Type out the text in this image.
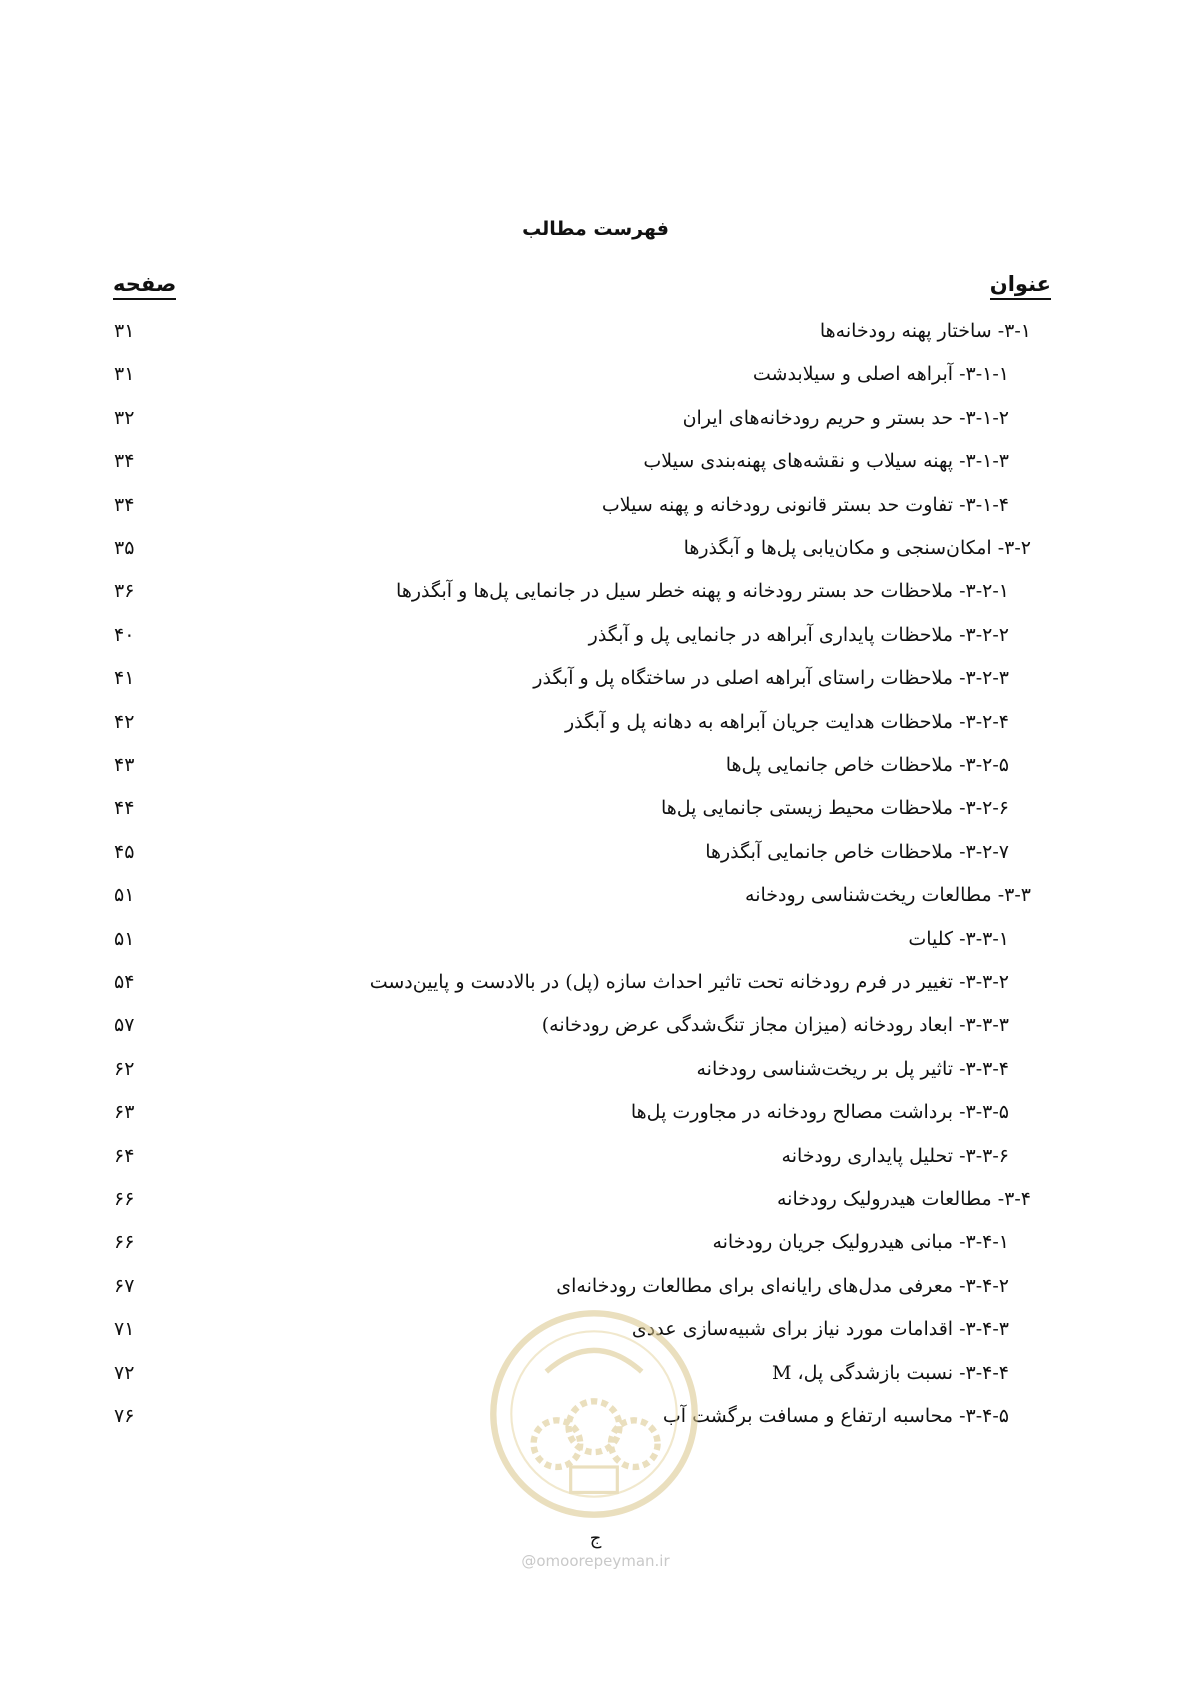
فهرست مطالب
عنوان
صفحه
۳-۱- ساختار پهنه رودخانه‌ها
۳۱
۳-۱-۱- آبراهه اصلی و سیلابدشت
۳۱
۳-۱-۲- حد بستر و حریم رودخانه‌های ایران
۳۲
۳-۱-۳- پهنه سیلاب و نقشه‌های پهنه‌بندی سیلاب
۳۴
۳-۱-۴- تفاوت حد بستر قانونی رودخانه و پهنه سیلاب
۳۴
۳-۲- امکان‌سنجی و مکان‌یابی پل‌ها و آبگذرها
۳۵
۳-۲-۱- ملاحظات حد بستر رودخانه و پهنه خطر سیل در جانمایی پل‌ها و آبگذرها
۳۶
۳-۲-۲- ملاحظات پایداری آبراهه در جانمایی پل و آبگذر
۴۰
۳-۲-۳- ملاحظات راستای آبراهه اصلی در ساختگاه پل و آبگذر
۴۱
۳-۲-۴- ملاحظات هدایت جریان آبراهه به دهانه پل و آبگذر
۴۲
۳-۲-۵- ملاحظات خاص جانمایی پل‌ها
۴۳
۳-۲-۶- ملاحظات محیط زیستی جانمایی پل‌ها
۴۴
۳-۲-۷- ملاحظات خاص جانمایی آبگذرها
۴۵
۳-۳- مطالعات ریخت‌شناسی رودخانه
۵۱
۳-۳-۱- کلیات
۵۱
۳-۳-۲- تغییر در فرم رودخانه تحت تاثیر احداث سازه (پل) در بالادست و پایین‌دست
۵۴
۳-۳-۳- ابعاد رودخانه (میزان مجاز تنگ‌شدگی عرض رودخانه)
۵۷
۳-۳-۴- تاثیر پل بر ریخت‌شناسی رودخانه
۶۲
۳-۳-۵- برداشت مصالح رودخانه در مجاورت پل‌ها
۶۳
۳-۳-۶- تحلیل پایداری رودخانه
۶۴
۳-۴- مطالعات هیدرولیک رودخانه
۶۶
۳-۴-۱- مبانی هیدرولیک جریان رودخانه
۶۶
۳-۴-۲- معرفی مدل‌های رایانه‌ای برای مطالعات رودخانه‌ای
۶۷
۳-۴-۳- اقدامات مورد نیاز برای شبیه‌سازی عددی
۷۱
۳-۴-۴- نسبت بازشدگی پل، M
۷۲
۳-۴-۵- محاسبه ارتفاع و مسافت برگشت آب
۷۶
ج
@omoorepeyman.ir
